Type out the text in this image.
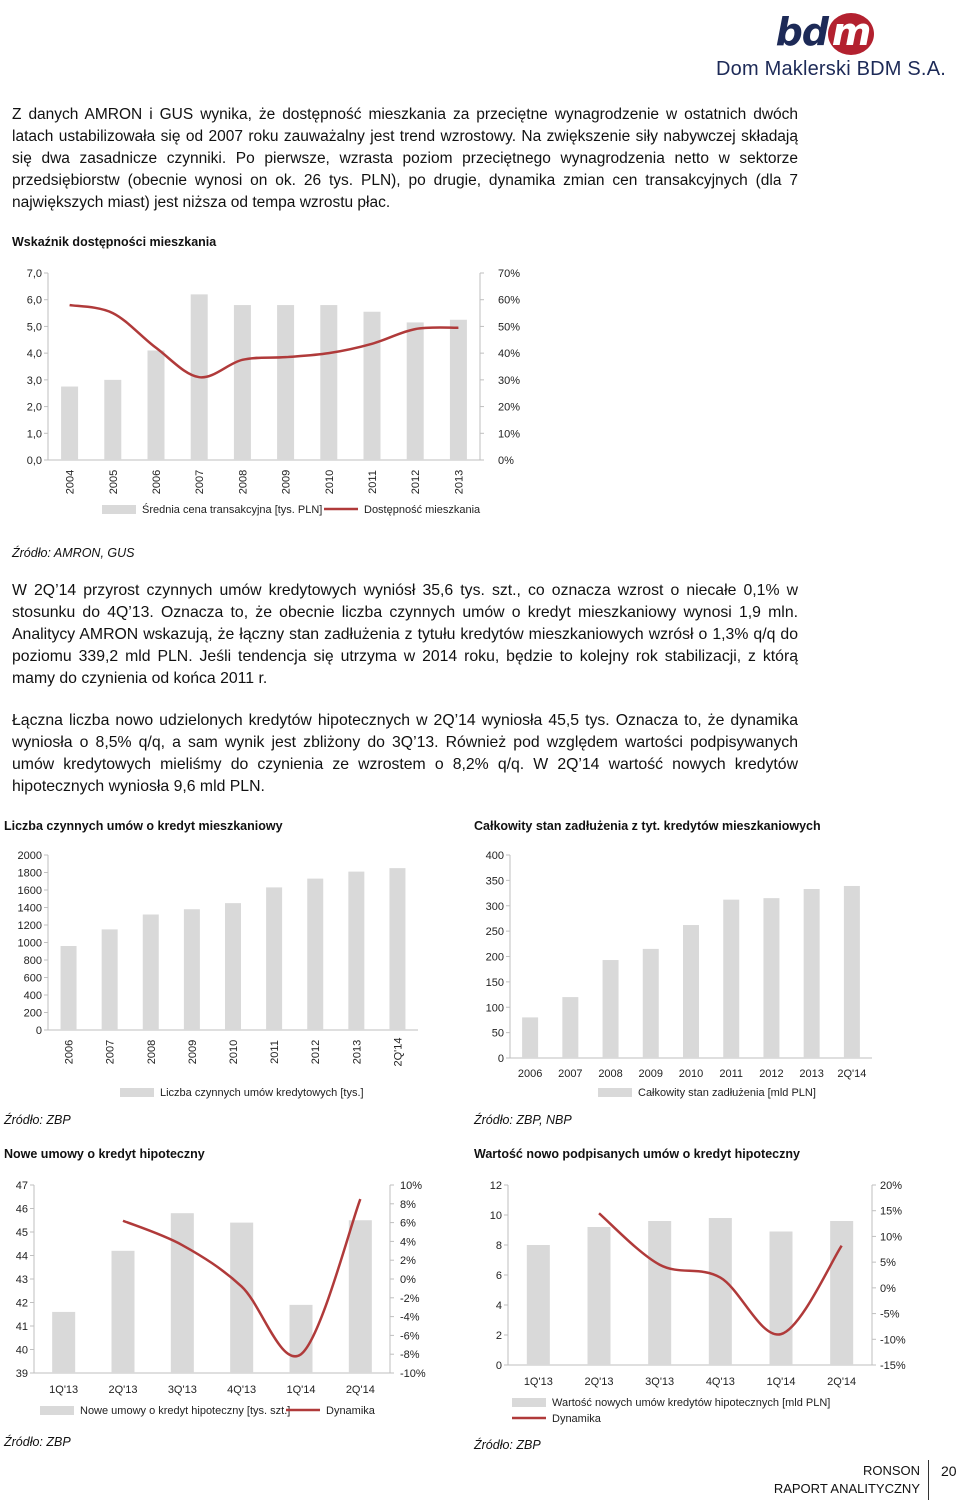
bdm
Dom Maklerski BDM S.A.
Z danych AMRON i GUS wynika, że dostępność mieszkania za przeciętne wynagrodzenie w ostatnich dwóch latach ustabilizowała się od 2007 roku zauważalny jest trend wzrostowy. Na zwiększenie siły nabywczej składają się dwa zasadnicze czynniki. Po pierwsze, wzrasta poziom przeciętnego wynagrodzenia netto w sektorze przedsiębiorstw (obecnie wynosi on ok. 26 tys. PLN), po drugie, dynamika zmian cen transakcyjnych (dla 7 największych miast) jest niższa od tempa wzrostu płac.
Wskaźnik dostępności mieszkania
0,0
1,0
2,0
3,0
4,0
5,0
6,0
7,0
0%
10%
20%
30%
40%
50%
60%
70%
2004	2005	2006	2007	2008	2009	2010	2011	2012	2013
Średnia cena transakcyjna [tys. PLN]	Dostępność mieszkania
Źródło: AMRON, GUS
W 2Q’14 przyrost czynnych umów kredytowych wyniósł 35,6 tys. szt., co oznacza wzrost o niecałe 0,1% w stosunku do 4Q’13. Oznacza to, że obecnie liczba czynnych umów o kredyt mieszkaniowy wynosi 1,9 mln. Analitycy AMRON wskazują, że łączny stan zadłużenia z tytułu kredytów mieszkaniowych wzrósł o 1,3% q/q do poziomu 339,2 mld PLN. Jeśli tendencja się utrzyma w 2014 roku, będzie to kolejny rok stabilizacji, z którą mamy do czynienia od końca 2011 r.
Łączna liczba nowo udzielonych kredytów hipotecznych w 2Q’14 wyniosła 45,5 tys. Oznacza to, że dynamika wyniosła o 8,5% q/q, a sam wynik jest zbliżony do 3Q’13. Również pod względem wartości podpisywanych umów kredytowych mieliśmy do czynienia ze wzrostem o 8,2% q/q. W 2Q’14 wartość nowych kredytów hipotecznych wyniosła 9,6 mld PLN.
Liczba czynnych umów o kredyt mieszkaniowy
0
200
400
600
800
1000
1200
1400
1600
1800
2000
2006	2007	2008	2009	2010	2011	2012	2013	2Q'14
Liczba czynnych umów kredytowych [tys.]
Źródło: ZBP
Całkowity stan zadłużenia z tyt. kredytów mieszkaniowych
0
50
100
150
200
250
300
350
400
2006 2007 2008 2009 2010 2011 2012 2013 2Q'14
Całkowity stan zadłużenia [mld PLN]
Źródło: ZBP, NBP
Nowe umowy o kredyt hipoteczny
39
40
41
42
43
44
45
46
47
-10%
-8%
-6%
-4%
-2%
0%
2%
4%
6%
8%
10%
1Q'13	2Q'13	3Q'13	4Q'13	1Q'14	2Q'14
Nowe umowy o kredyt hipoteczny [tys. szt.]	Dynamika
Źródło: ZBP
Wartość nowo podpisanych umów o kredyt hipoteczny
0
2
4
6
8
10
12
-15%
-10%
-5%
0%
5%
10%
15%
20%
1Q'13	2Q'13	3Q'13	4Q'13	1Q'14	2Q'14
Wartość nowych umów kredytów hipotecznych [mld PLN]
Dynamika
Źródło: ZBP
RONSON
RAPORT ANALITYCZNY
20
